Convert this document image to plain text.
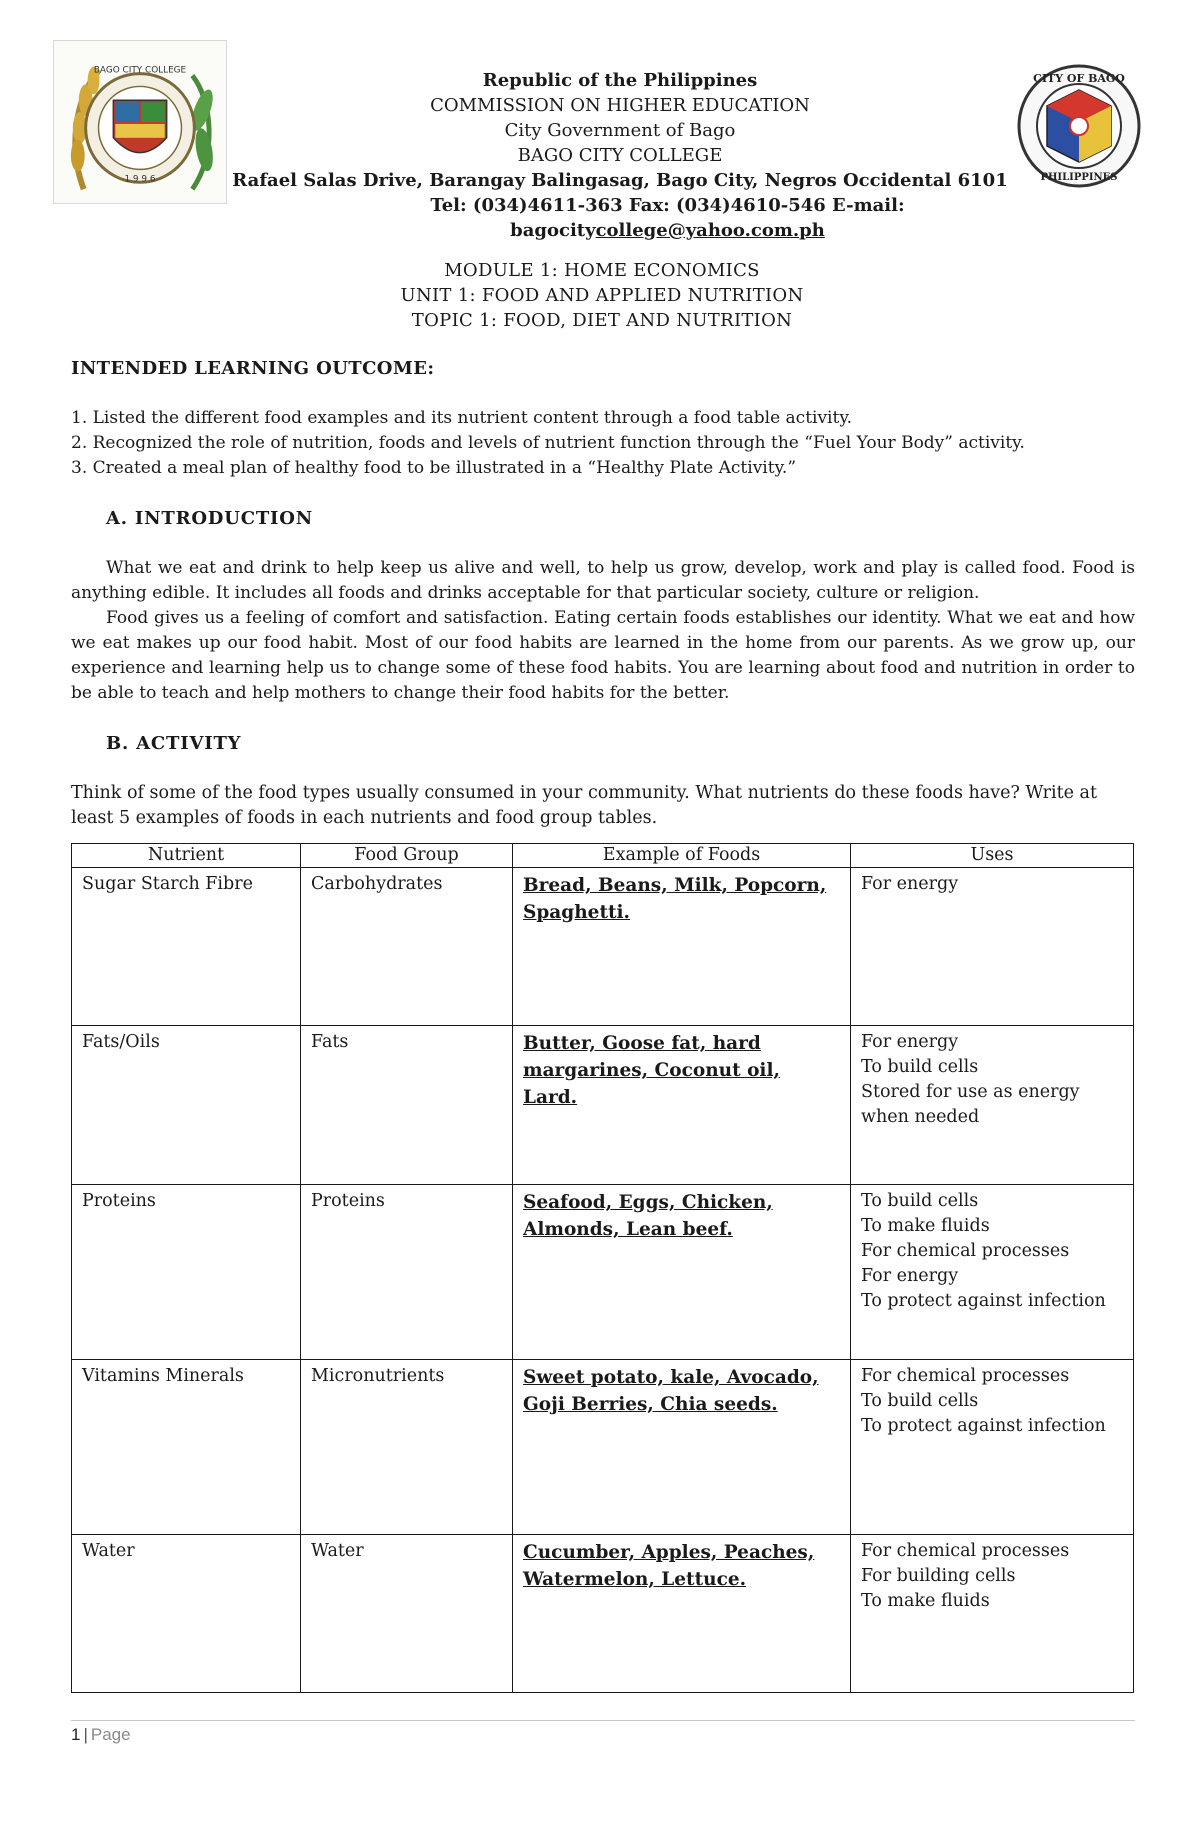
BAGO CITY COLLEGE
1 9 9 6
CITY OF BAGO
PHILIPPINES
Republic of the Philippines
COMMISSION ON HIGHER EDUCATION
City Government of Bago
BAGO CITY COLLEGE
Rafael Salas Drive, Barangay Balingasag, Bago City, Negros Occidental 6101
Tel: (034)4611-363 Fax: (034)4610-546 E-mail: bagocitycollege@yahoo.com.ph
MODULE 1: HOME ECONOMICS
UNIT 1: FOOD AND APPLIED NUTRITION
TOPIC 1: FOOD, DIET AND NUTRITION
INTENDED LEARNING OUTCOME:
1. Listed the different food examples and its nutrient content through a food table activity.
2. Recognized the role of nutrition, foods and levels of nutrient function through the “Fuel Your Body” activity.
3. Created a meal plan of healthy food to be illustrated in a “Healthy Plate Activity.”
A. INTRODUCTION

What we eat and drink to help keep us alive and well, to help us grow, develop, work and play is called food. Food is anything edible. It includes all foods and drinks acceptable for that particular society, culture or religion.

Food gives us a feeling of comfort and satisfaction. Eating certain foods establishes our identity. What we eat and how we eat makes up our food habit. Most of our food habits are learned in the home from our parents. As we grow up, our experience and learning help us to change some of these food habits. You are learning about food and nutrition in order to be able to teach and help mothers to change their food habits for the better.

B. ACTIVITY
Think of some of the food types usually consumed in your community. What nutrients do these foods have? Write at least 5 examples of foods in each nutrients and food group tables.
Nutrient	Food Group	Example of Foods	Uses
Sugar Starch Fibre	Carbohydrates	Bread, Beans, Milk, Popcorn, Spaghetti.	For energy

Fats/Oils	Fats	Butter, Goose fat, hard margarines, Coconut oil, Lard.	For energy
To build cells
Stored for use as energy when needed

Proteins	Proteins	Seafood, Eggs, Chicken, Almonds, Lean beef.	To build cells
To make fluids
For chemical processes
For energy
To protect against infection

Vitamins Minerals	Micronutrients	Sweet potato, kale, Avocado, Goji Berries, Chia seeds.	For chemical processes
To build cells
To protect against infection

Water	Water	Cucumber, Apples, Peaches, Watermelon, Lettuce.	For chemical processes
For building cells
To make fluids
1 | Page
